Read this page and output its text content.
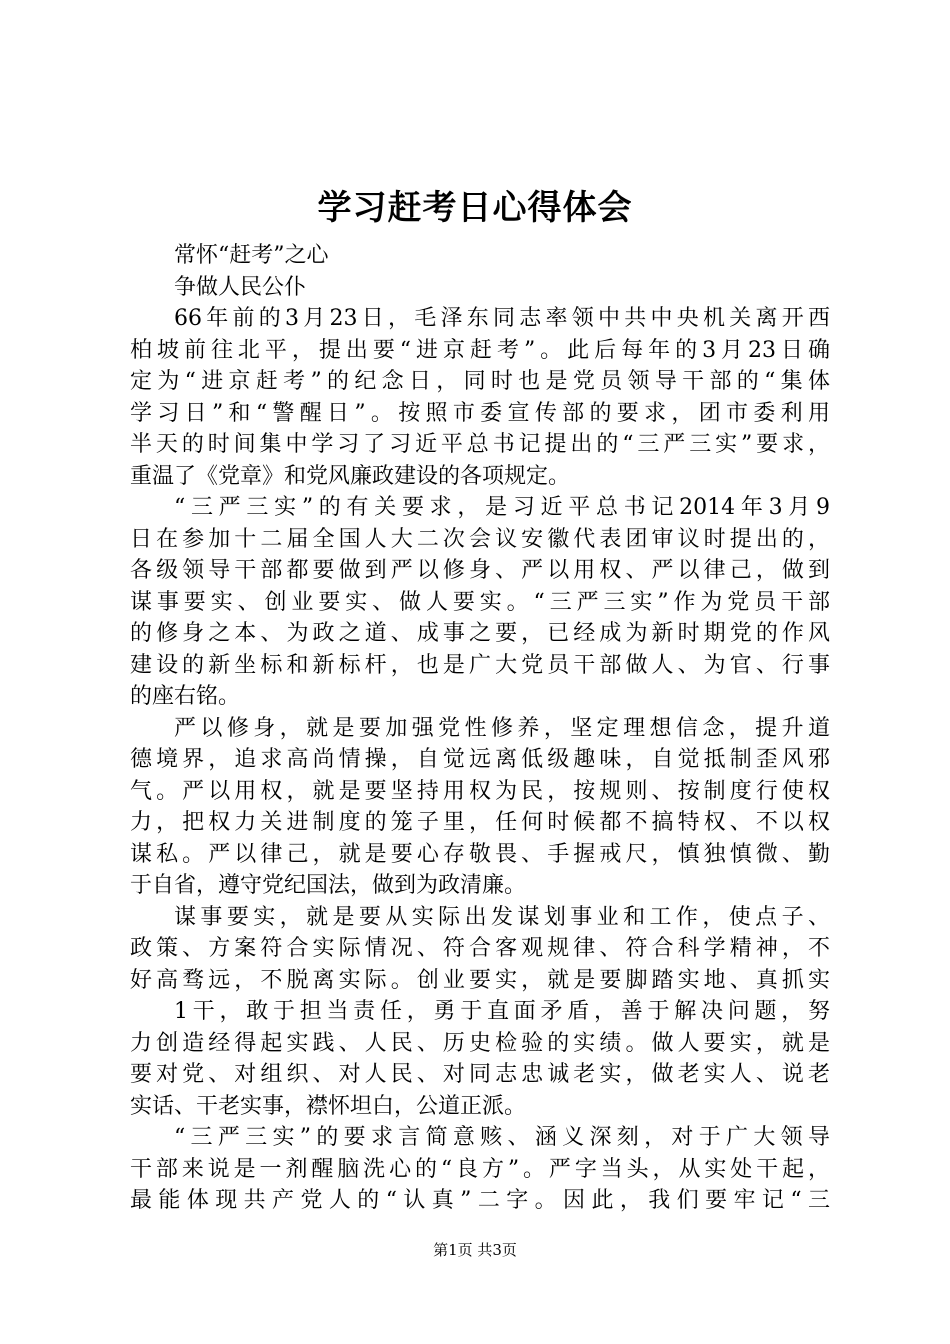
学习赶考日心得体会
常怀“赶考”之心
争做人民公仆
66年前的3月23日，毛泽东同志率领中共中央机关离开西
柏坡前往北平，提出要“进京赶考”。此后每年的3月23日确
定为“进京赶考”的纪念日，同时也是党员领导干部的“集体
学习日”和“警醒日”。按照市委宣传部的要求，团市委利用
半天的时间集中学习了习近平总书记提出的“三严三实”要求，
重温了《党章》和党风廉政建设的各项规定。
“三严三实”的有关要求，是习近平总书记2014年3月9
日在参加十二届全国人大二次会议安徽代表团审议时提出的，
各级领导干部都要做到严以修身、严以用权、严以律己，做到
谋事要实、创业要实、做人要实。“三严三实”作为党员干部
的修身之本、为政之道、成事之要，已经成为新时期党的作风
建设的新坐标和新标杆，也是广大党员干部做人、为官、行事
的座右铭。
严以修身，就是要加强党性修养，坚定理想信念，提升道
德境界，追求高尚情操，自觉远离低级趣味，自觉抵制歪风邪
气。严以用权，就是要坚持用权为民，按规则、按制度行使权
力，把权力关进制度的笼子里，任何时候都不搞特权、不以权
谋私。严以律己，就是要心存敬畏、手握戒尺，慎独慎微、勤
于自省，遵守党纪国法，做到为政清廉。
谋事要实，就是要从实际出发谋划事业和工作，使点子、
政策、方案符合实际情况、符合客观规律、符合科学精神，不
好高骛远，不脱离实际。创业要实，就是要脚踏实地、真抓实
1干，敢于担当责任，勇于直面矛盾，善于解决问题，努
力创造经得起实践、人民、历史检验的实绩。做人要实，就是
要对党、对组织、对人民、对同志忠诚老实，做老实人、说老
实话、干老实事，襟怀坦白，公道正派。
“三严三实”的要求言简意赅、涵义深刻，对于广大领导
干部来说是一剂醒脑洗心的“良方”。严字当头，从实处干起，
最能体现共产党人的“认真”二字。因此，我们要牢记“三
第1页 共3页
